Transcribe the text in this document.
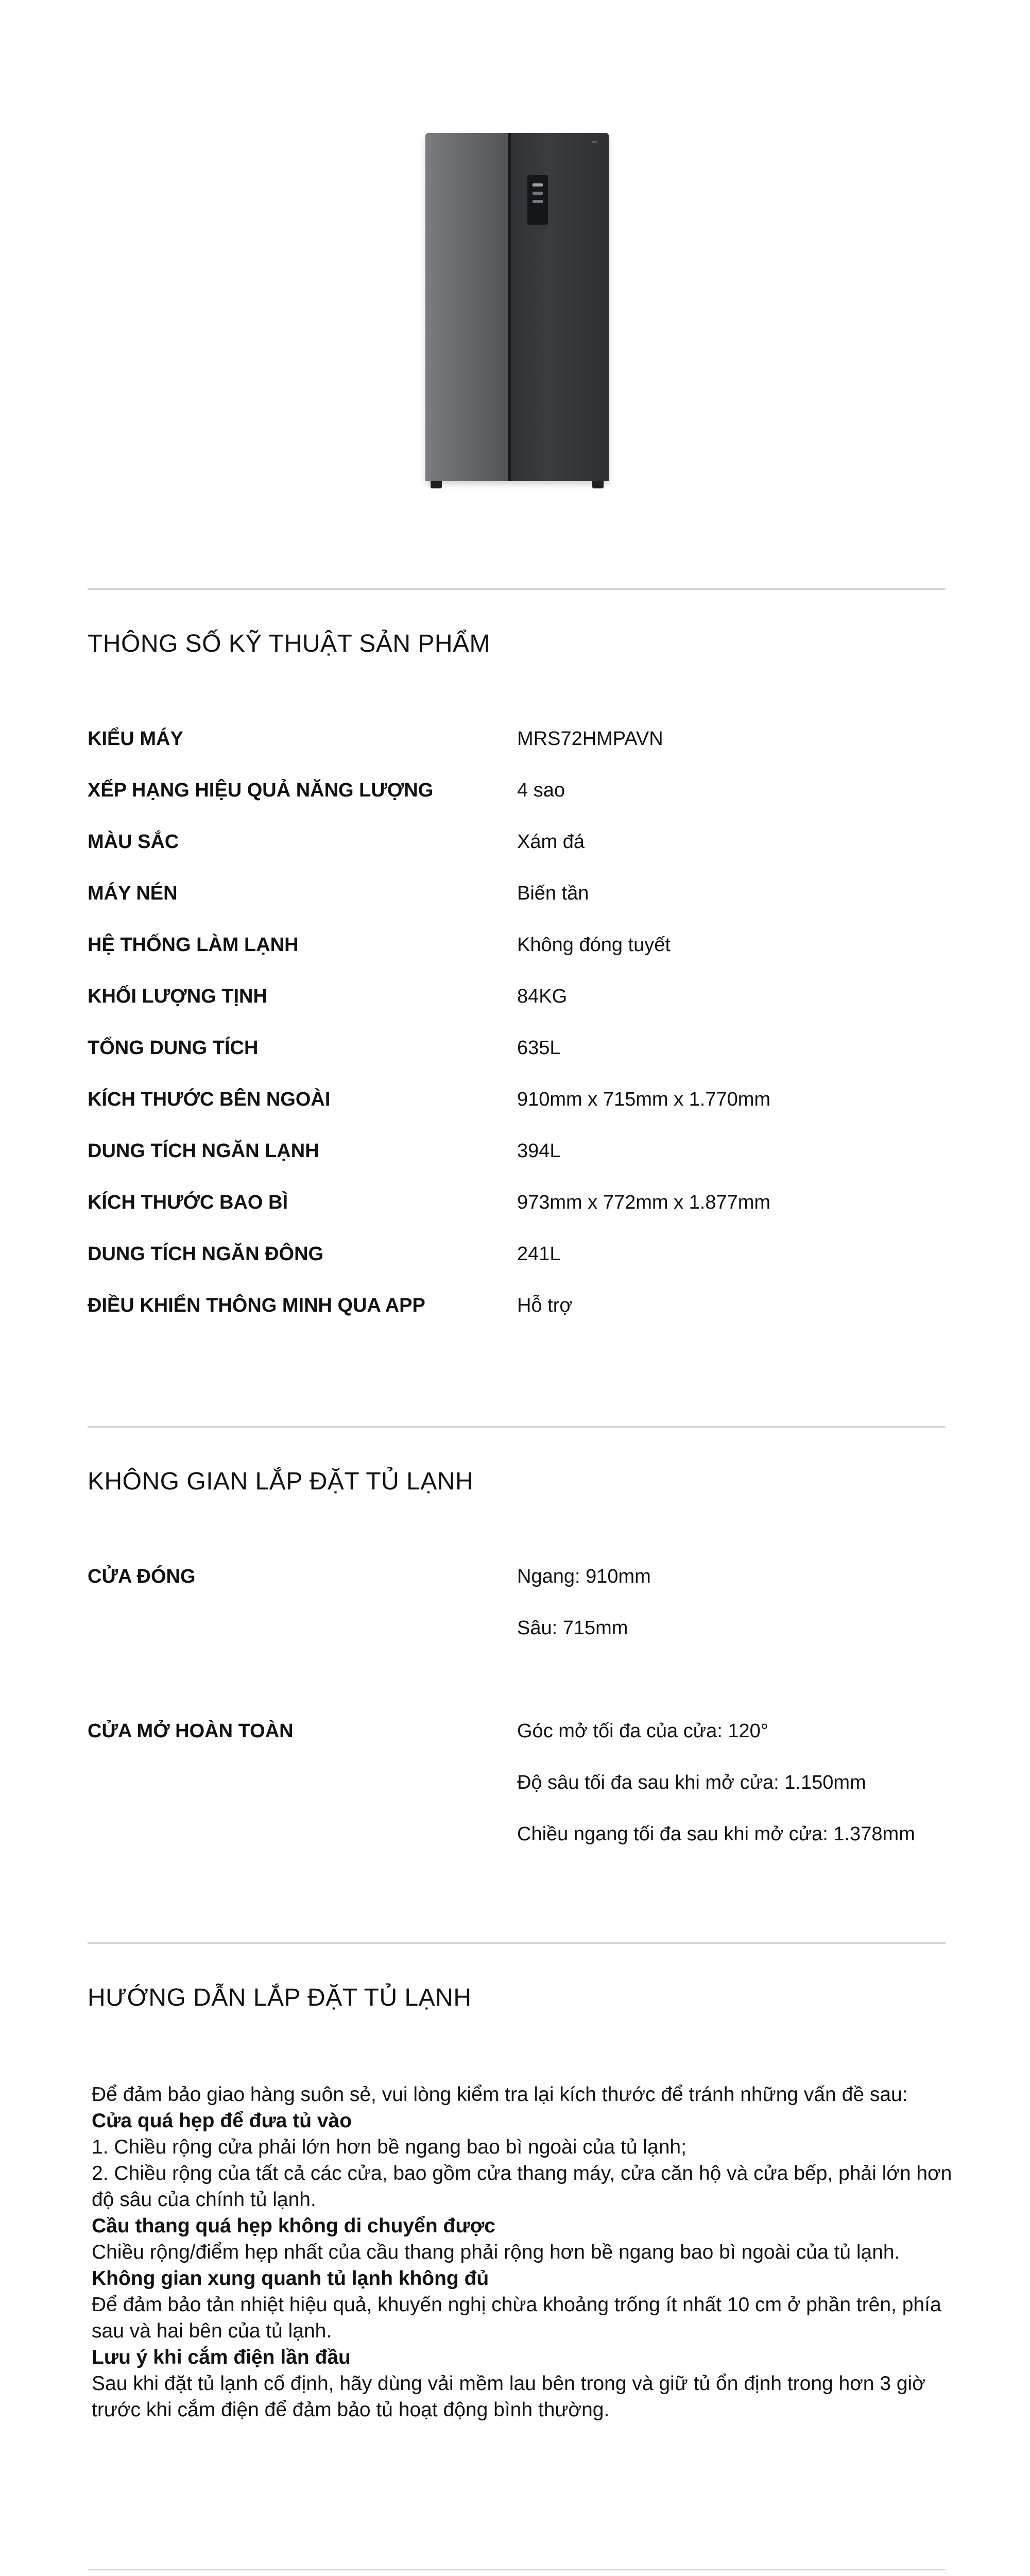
THÔNG SỐ KỸ THUẬT SẢN PHẨM
KIỂU MÁY	MRS72HMPAVN
XẾP HẠNG HIỆU QUẢ NĂNG LƯỢNG	4 sao
MÀU SẮC	Xám đá
MÁY NÉN	Biến tần
HỆ THỐNG LÀM LẠNH	Không đóng tuyết
KHỐI LƯỢNG TỊNH	84KG
TỔNG DUNG TÍCH	635L
KÍCH THƯỚC BÊN NGOÀI	910mm x 715mm x 1.770mm
DUNG TÍCH NGĂN LẠNH	394L
KÍCH THƯỚC BAO BÌ	973mm x 772mm x 1.877mm
DUNG TÍCH NGĂN ĐÔNG	241L
ĐIỀU KHIỂN THÔNG MINH QUA APP	Hỗ trợ
KHÔNG GIAN LẮP ĐẶT TỦ LẠNH
CỬA ĐÓNG	Ngang: 910mm
Sâu: 715mm
CỬA MỞ HOÀN TOÀN	Góc mở tối đa của cửa: 120°
Độ sâu tối đa sau khi mở cửa: 1.150mm
Chiều ngang tối đa sau khi mở cửa: 1.378mm
HƯỚNG DẪN LẮP ĐẶT TỦ LẠNH

Để đảm bảo giao hàng suôn sẻ, vui lòng kiểm tra lại kích thước để tránh những vấn đề sau:

Cửa quá hẹp để đưa tủ vào

1. Chiều rộng cửa phải lớn hơn bề ngang bao bì ngoài của tủ lạnh;

2. Chiều rộng của tất cả các cửa, bao gồm cửa thang máy, cửa căn hộ và cửa bếp, phải lớn hơn độ sâu của chính tủ lạnh.

Cầu thang quá hẹp không di chuyển được

Chiều rộng/điểm hẹp nhất của cầu thang phải rộng hơn bề ngang bao bì ngoài của tủ lạnh.

Không gian xung quanh tủ lạnh không đủ

Để đảm bảo tản nhiệt hiệu quả, khuyến nghị chừa khoảng trống ít nhất 10 cm ở phần trên, phía sau và hai bên của tủ lạnh.

Lưu ý khi cắm điện lần đầu

Sau khi đặt tủ lạnh cố định, hãy dùng vải mềm lau bên trong và giữ tủ ổn định trong hơn 3 giờ trước khi cắm điện để đảm bảo tủ hoạt động bình thường.
